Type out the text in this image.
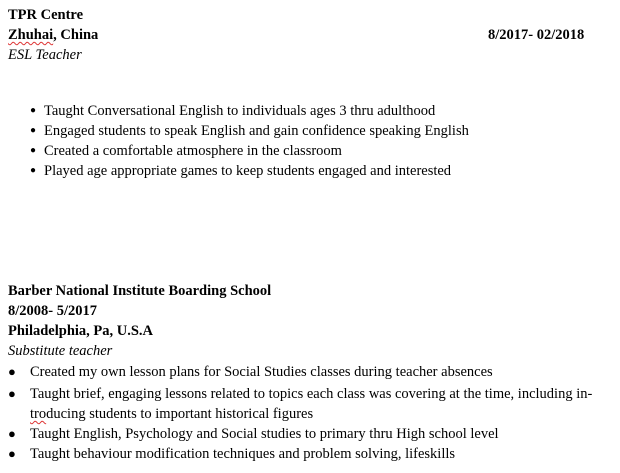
TPR Centre
Zhuhai, China	8/2017- 02/2018
ESL Teacher
● Taught Conversational English to individuals ages 3 thru adulthood
● Engaged students to speak English and gain confidence speaking English
● Created a comfortable atmosphere in the classroom
● Played age appropriate games to keep students engaged and interested
Barber National Institute Boarding School
8/2008- 5/2017
Philadelphia, Pa, U.S.A
Substitute teacher
● Created my own lesson plans for Social Studies classes during teacher absences
● Taught brief, engaging lessons related to topics each class was covering at the time, including in-
troducing students to important historical figures
● Taught English, Psychology and Social studies to primary thru High school level
● Taught behaviour modification techniques and problem solving, lifeskills
